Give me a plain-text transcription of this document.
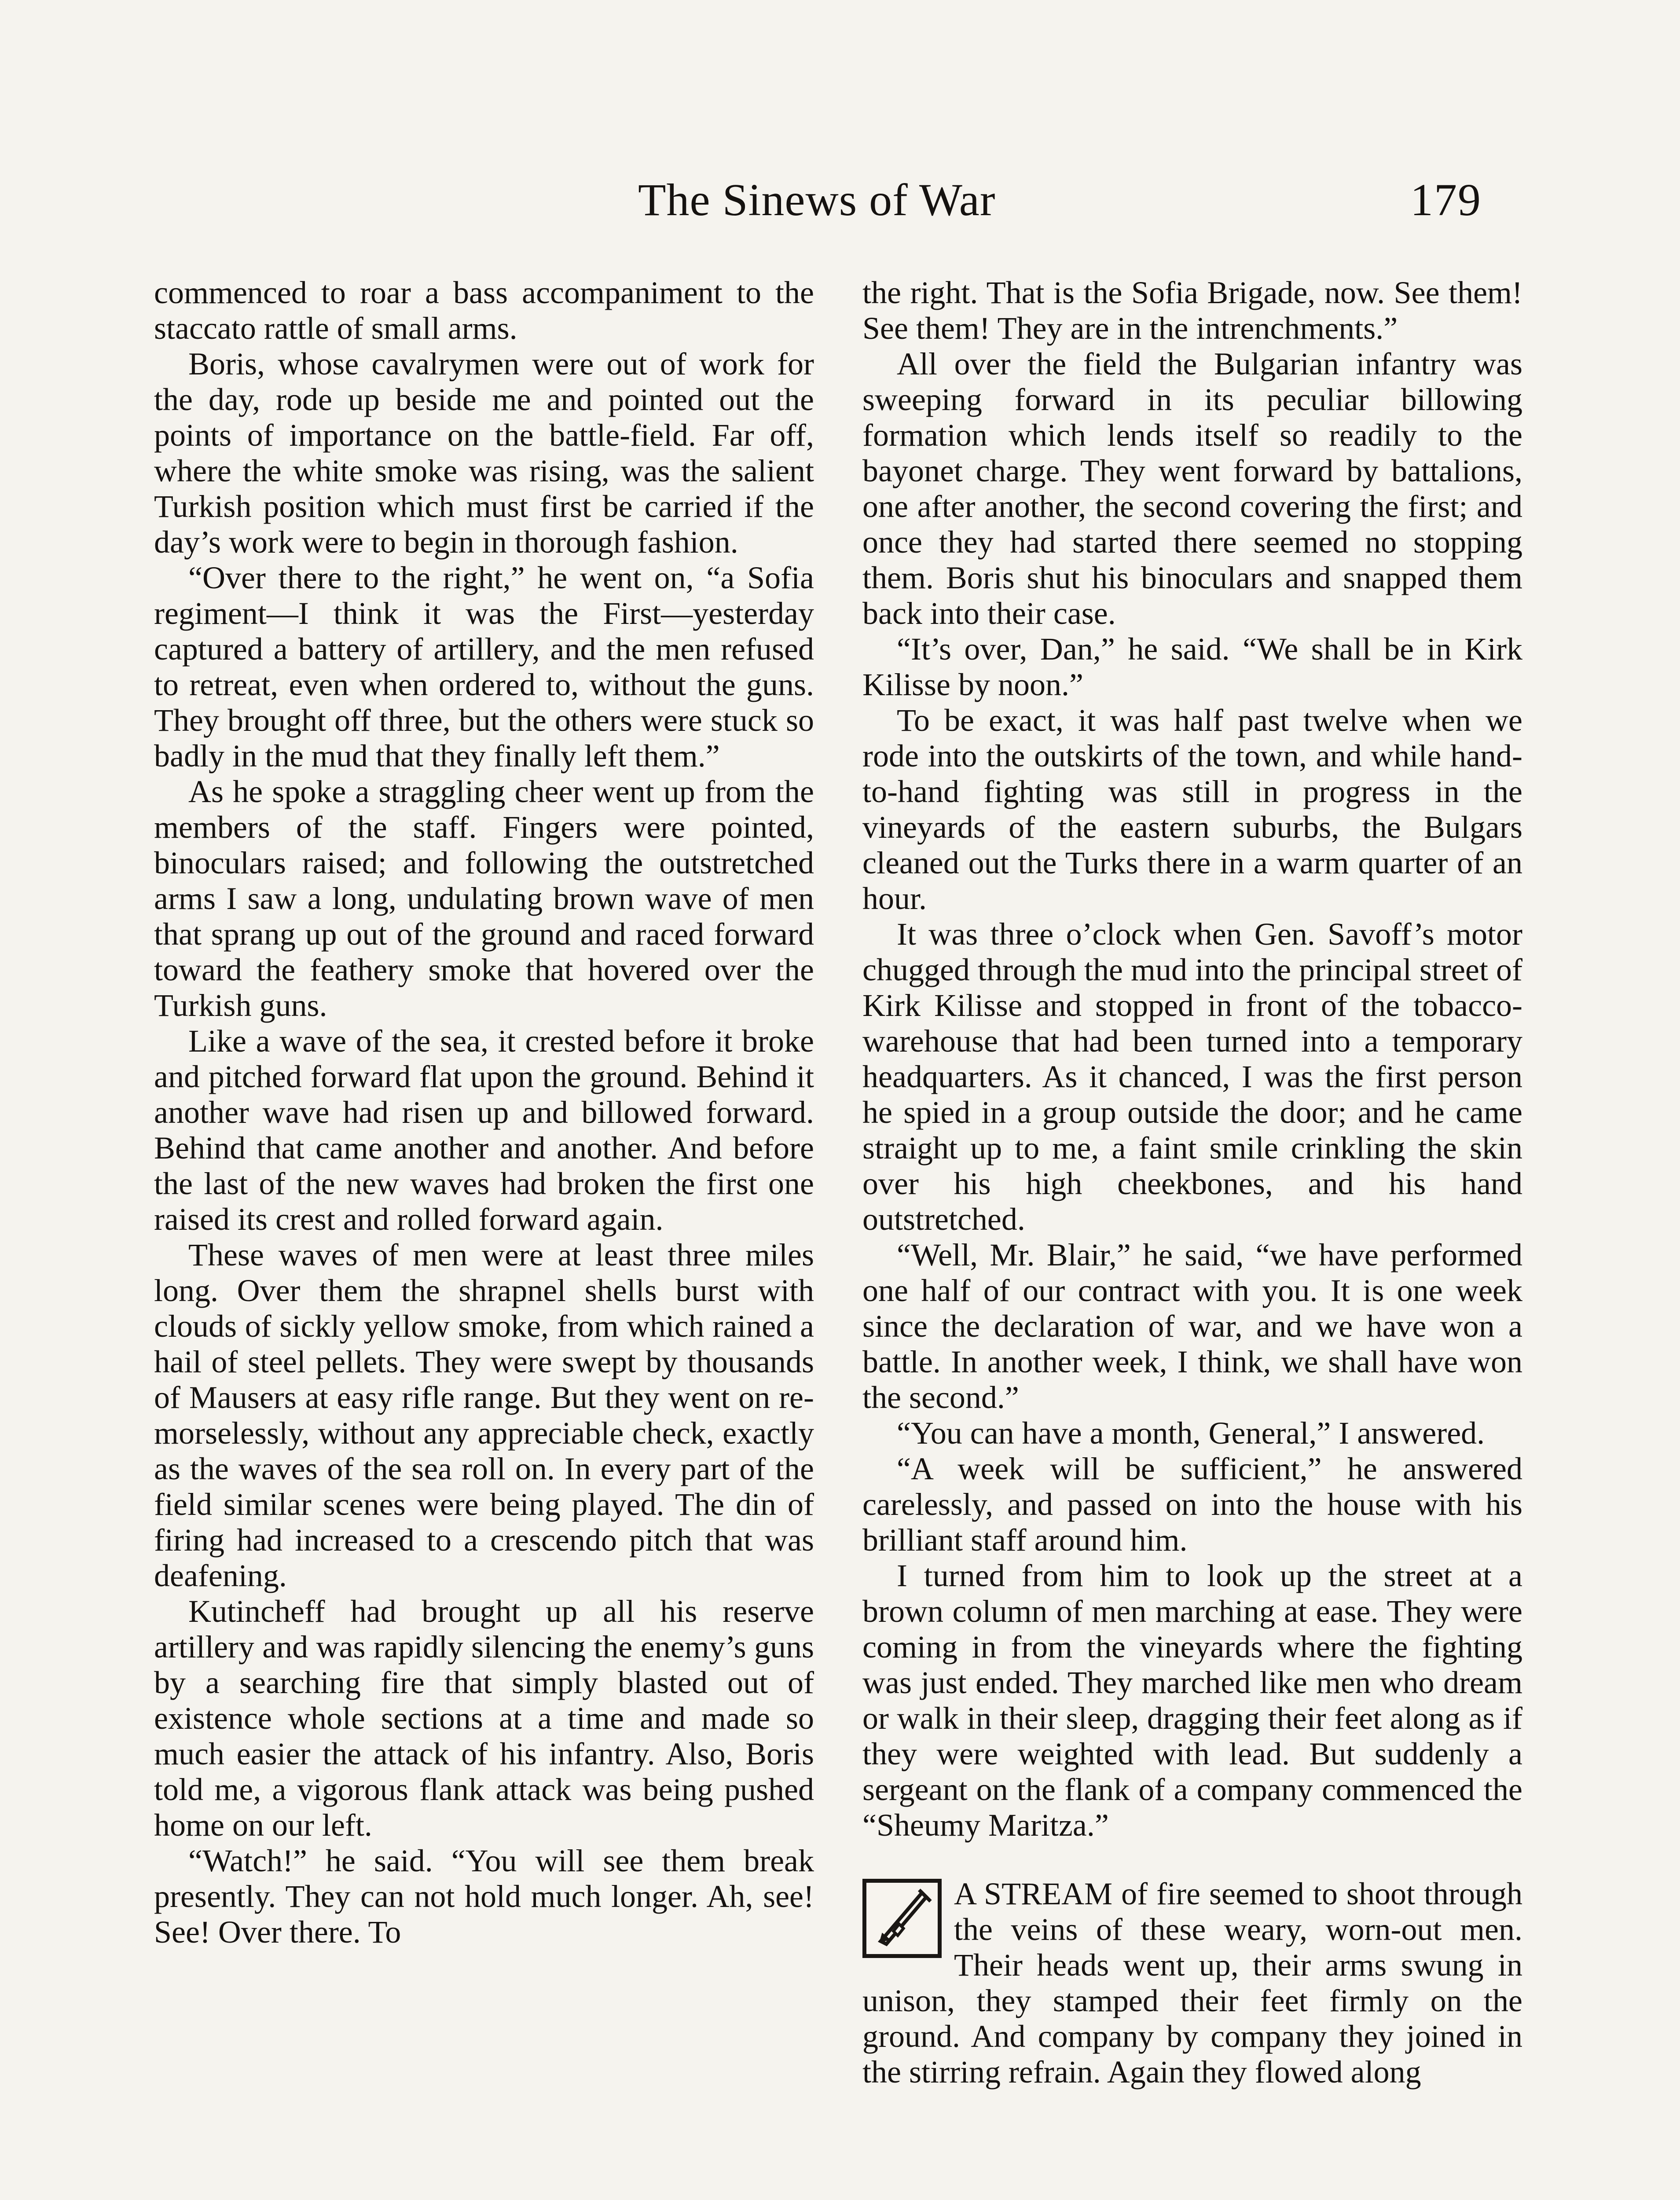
The Sinews of War	179

commenced to roar a bass accompaniment to the staccato rattle of small arms.

Boris, whose cavalrymen were out of work for the day, rode up beside me and pointed out the points of importance on the battle-field. Far off, where the white smoke was rising, was the salient Turkish position which must first be carried if the day’s work were to begin in thorough fashion.

“Over there to the right,” he went on, “a Sofia regiment—I think it was the First—yesterday captured a battery of artillery, and the men refused to retreat, even when ordered to, without the guns. They brought off three, but the others were stuck so badly in the mud that they finally left them.”

As he spoke a straggling cheer went up from the members of the staff. Fingers were pointed, binoculars raised; and following the outstretched arms I saw a long, undulating brown wave of men that sprang up out of the ground and raced forward toward the feathery smoke that hovered over the Turkish guns.

Like a wave of the sea, it crested before it broke and pitched forward flat upon the ground. Behind it another wave had risen up and billowed forward. Behind that came another and another. And before the last of the new waves had broken the first one raised its crest and rolled forward again.

These waves of men were at least three miles long. Over them the shrapnel shells burst with clouds of sickly yellow smoke, from which rained a hail of steel pellets. They were swept by thousands of Mausers at easy rifle range. But they went on remorselessly, without any appreciable check, exactly as the waves of the sea roll on. In every part of the field similar scenes were being played. The din of firing had increased to a crescendo pitch that was deafening.

Kutincheff had brought up all his reserve artillery and was rapidly silencing the enemy’s guns by a searching fire that simply blasted out of existence whole sections at a time and made so much easier the attack of his infantry. Also, Boris told me, a vigorous flank attack was being pushed home on our left.

“Watch!” he said. “You will see them break presently. They can not hold much longer. Ah, see! See! Over there. To

the right. That is the Sofia Brigade, now. See them! See them! They are in the intrenchments.”

All over the field the Bulgarian infantry was sweeping forward in its peculiar billowing formation which lends itself so readily to the bayonet charge. They went forward by battalions, one after another, the second covering the first; and once they had started there seemed no stopping them. Boris shut his binoculars and snapped them back into their case.

“It’s over, Dan,” he said. “We shall be in Kirk Kilisse by noon.”

To be exact, it was half past twelve when we rode into the outskirts of the town, and while hand-to-hand fighting was still in progress in the vineyards of the eastern suburbs, the Bulgars cleaned out the Turks there in a warm quarter of an hour.

It was three o’clock when Gen. Savoff’s motor chugged through the mud into the principal street of Kirk Kilisse and stopped in front of the tobacco-warehouse that had been turned into a temporary headquarters. As it chanced, I was the first person he spied in a group outside the door; and he came straight up to me, a faint smile crinkling the skin over his high cheekbones, and his hand outstretched.

“Well, Mr. Blair,” he said, “we have performed one half of our contract with you. It is one week since the declaration of war, and we have won a battle. In another week, I think, we shall have won the second.”

“You can have a month, General,” I answered.

“A week will be sufficient,” he answered carelessly, and passed on into the house with his brilliant staff around him.

I turned from him to look up the street at a brown column of men marching at ease. They were coming in from the vineyards where the fighting was just ended. They marched like men who dream or walk in their sleep, dragging their feet along as if they were weighted with lead. But suddenly a sergeant on the flank of a company commenced the “Sheumy Maritza.”

A STREAM of fire seemed to shoot through the veins of these weary, worn-out men. Their heads went up, their arms swung in unison, they stamped their feet firmly on the ground. And company by company they joined in the stirring refrain. Again they flowed along
